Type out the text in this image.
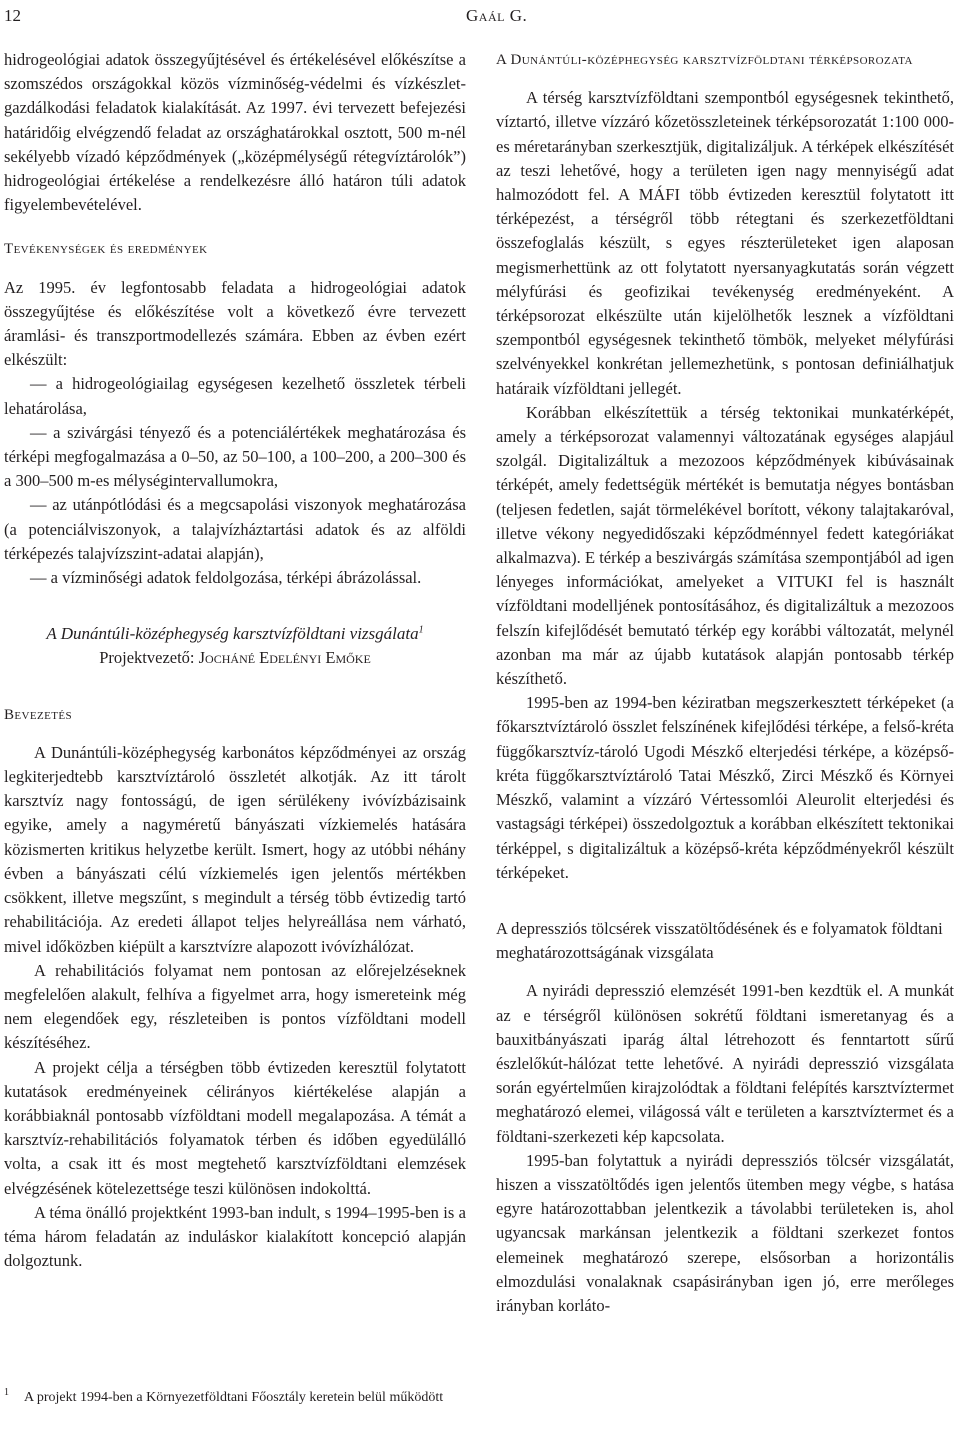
12	Gaál G.

hidrogeológiai adatok összegyűjtésével és értékelésével előkészítse a szomszédos országokkal közös vízminőség-védelmi és vízkészlet-gazdálkodási feladatok kialakítását. Az 1997. évi tervezett befejezési határidőig elvégzendő feladat az országhatárokkal osztott, 500 m-nél sekélyebb vízadó képződmények („középmélységű rétegvíztárolók”) hidrogeológiai értékelése a rendelkezésre álló határon túli adatok figyelembevételével.

Tevékenységek és eredmények

Az 1995. év legfontosabb feladata a hidrogeológiai adatok összegyűjtése és előkészítése volt a következő évre tervezett áramlási- és transzportmodellezés számára. Ebben az évben ezért elkészült:

— a hidrogeológiailag egységesen kezelhető összletek térbeli lehatárolása,

— a szivárgási tényező és a potenciálértékek meghatározása és térképi megfogalmazása a 0–50, az 50–100, a 100–200, a 200–300 és a 300–500 m-es mélységintervallumokra,

— az utánpótlódási és a megcsapolási viszonyok meghatározása (a potenciálviszonyok, a talajvízháztartási adatok és az alföldi térképezés talajvízszint-adatai alapján),

— a vízminőségi adatok feldolgozása, térképi ábrázolással.

A Dunántúli-középhegység karsztvízföldtani vizsgálata$^1$

Projektvezető: Jocháné Edelényi Emőke

Bevezetés

A Dunántúli-középhegység karbonátos képződményei az ország legkiterjedtebb karsztvíztároló összletét alkotják. Az itt tárolt karsztvíz nagy fontosságú, de igen sérülékeny ivóvízbázisaink egyike, amely a nagyméretű bányászati vízkiemelés hatására közismerten kritikus helyzetbe került. Ismert, hogy az utóbbi néhány évben a bányászati célú vízkiemelés igen jelentős mértékben csökkent, illetve megszűnt, s megindult a térség több évtizedig tartó rehabilitációja. Az eredeti állapot teljes helyreállása nem várható, mivel időközben kiépült a karsztvízre alapozott ivóvízhálózat.

A rehabilitációs folyamat nem pontosan az előrejelzéseknek megfelelően alakult, felhíva a figyelmet arra, hogy ismereteink még nem elegendőek egy, részleteiben is pontos vízföldtani modell készítéséhez.

A projekt célja a térségben több évtizeden keresztül folytatott kutatások eredményeinek célirányos kiértékelése alapján a korábbiaknál pontosabb vízföldtani modell megalapozása. A témát a karsztvíz-rehabilitációs folyamatok térben és időben egyedülálló volta, a csak itt és most megtehető karsztvízföldtani elemzések elvégzésének kötelezettsége teszi különösen indokolttá.

A téma önálló projektként 1993-ban indult, s 1994–1995-ben is a téma három feladatán az induláskor kialakított koncepció alapján dolgoztunk.

1 A projekt 1994-ben a Környezetföldtani Főosztály keretein belül működött
A Dunántúli-középhegység karsztvízföldtani térképsorozata

A térség karsztvízföldtani szempontból egységesnek tekinthető, víztartó, illetve vízzáró kőzetösszleteinek térképsorozatát 1:100 000-es méretarányban szerkesztjük, digitalizáljuk. A térképek elkészítését az teszi lehetővé, hogy a területen igen nagy mennyiségű adat halmozódott fel. A MÁFI több évtizeden keresztül folytatott itt térképezést, a térségről több rétegtani és szerkezetföldtani összefoglalás készült, s egyes részterületeket igen alaposan megismerhettünk az ott folytatott nyersanyagkutatás során végzett mélyfúrási és geofizikai tevékenység eredményeként. A térképsorozat elkészülte után kijelölhetők lesznek a vízföldtani szempontból egységesnek tekinthető tömbök, melyeket mélyfúrási szelvényekkel konkrétan jellemezhetünk, s pontosan definiálhatjuk határaik vízföldtani jellegét.

Korábban elkészítettük a térség tektonikai munkatérképét, amely a térképsorozat valamennyi változatának egységes alapjául szolgál. Digitalizáltuk a mezozoos képződmények kibúvásainak térképét, amely fedettségük mértékét is bemutatja négyes bontásban (teljesen fedetlen, saját törmelékével borított, vékony talajtakaróval, illetve vékony negyedidőszaki képződménnyel fedett kategóriákat alkalmazva). E térkép a beszivárgás számítása szempontjából ad igen lényeges információkat, amelyeket a VITUKI fel is használt vízföldtani modelljének pontosításához, és digitalizáltuk a mezozoos felszín kifejlődését bemutató térkép egy korábbi változatát, melynél azonban ma már az újabb kutatások alapján pontosabb térkép készíthető.

1995-ben az 1994-ben kéziratban megszerkesztett térképeket (a főkarsztvíztároló összlet felszínének kifejlődési térképe, a felső-kréta függőkarsztvíz-tároló Ugodi Mészkő elterjedési térképe, a középső-kréta függőkarsztvíztároló Tatai Mészkő, Zirci Mészkő és Környei Mészkő, valamint a vízzáró Vértessomlói Aleurolit elterjedési és vastagsági térképei) összedolgoztuk a korábban elkészített tektonikai térképpel, s digitalizáltuk a középső-kréta képződményekről készült térképeket.

A depressziós tölcsérek visszatöltődésének és e folyamatok földtani meghatározottságának vizsgálata

A nyirádi depresszió elemzését 1991-ben kezdtük el. A munkát az e térségről különösen sokrétű földtani ismeretanyag és a bauxitbányászati iparág által létrehozott és fenntartott sűrű észlelőkút-hálózat tette lehetővé. A nyirádi depresszió vizsgálata során egyértelműen kirajzolódtak a földtani felépítés karsztvíztermet meghatározó elemei, világossá vált e területen a karsztvíztermet és a földtani-szerkezeti kép kapcsolata.

1995-ban folytattuk a nyirádi depressziós tölcsér vizsgálatát, hiszen a visszatöltődés igen jelentős ütemben megy végbe, s hatása egyre határozottabban jelentkezik a távolabbi területeken is, ahol ugyancsak markánsan jelentkezik a földtani szerkezet fontos elemeinek meghatározó szerepe, elsősorban a horizontális elmozdulási vonalaknak csapásirányban igen jó, erre merőleges irányban korláto-
